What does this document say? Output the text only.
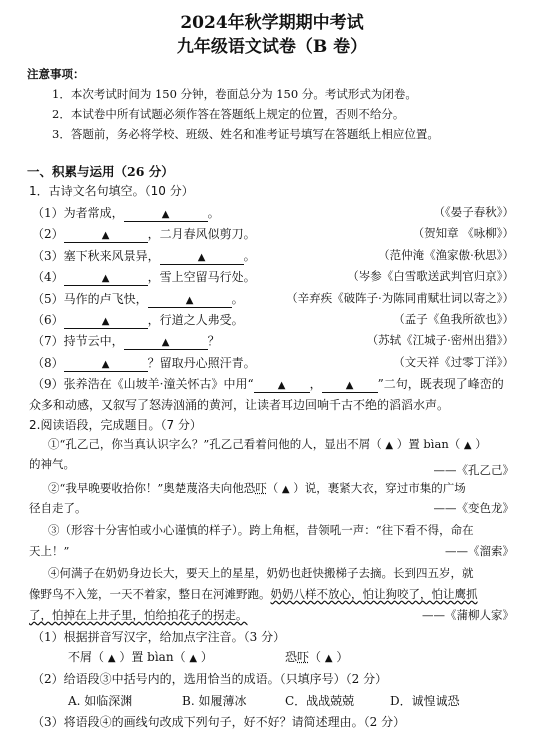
2024年秋学期期中考试
九年级语文试卷（B 卷）
注意事项：
1．本次考试时间为 150 分钟，卷面总分为 150 分。考试形式为闭卷。
2．本试卷中所有试题必须作答在答题纸上规定的位置，否则不给分。
3．答题前，务必将学校、班级、姓名和准考证号填写在答题纸上相应位置。
一、积累与运用（26 分）
1．古诗文名句填空。（10 分）
（1）为者常成，	▲	。	（《晏子春秋》）
（2）	▲	，二月春风似剪刀。	（贺知章 《咏柳》）
（3）塞下秋来风景异，	▲	。	（范仲淹《渔家傲·秋思》）
（4）	▲	，雪上空留马行处。	（岑参《白雪歌送武判官归京》）
（5）马作的卢飞快，	▲	。	（辛弃疾《破阵子·为陈同甫赋壮词以寄之》）
（6）	▲	，行道之人弗受。	（孟子《鱼我所欲也》）
（7）持节云中，	▲	？	（苏轼《江城子·密州出猎》）
（8）	▲	？留取丹心照汗青。	（文天祥《过零丁洋》）
（9）张养浩在《山坡羊·潼关怀古》中用“ ▲ ， ▲ ”二句，既表现了峰峦的
众多和动感，又叙写了怒涛汹涌的黄河，让读者耳边回响千古不绝的滔滔水声。
2.阅读语段，完成题目。（7 分）
①“孔乙己，你当真认识字么？”孔乙己看着问他的人，显出不屑（ ▲ ）置 bìan（ ▲ ）
的神气。	——《孔乙己》
②“我早晚要收拾你！”奥楚蔑洛夫向他恐吓（ ▲ ）说，裹紧大衣，穿过市集的广场
径自走了。	——《变色龙》
③（形容十分害怕或小心谨慎的样子）。跨上角框，昔领吼一声：“往下看不得，命在
天上！”	——《溜索》
④何满子在奶奶身边长大，要天上的星星，奶奶也赶快搬梯子去摘。长到四五岁，就
像野鸟不入笼，一天不着家，整日在河滩野跑。奶奶八样不放心，怕让狗咬了，怕让鹰抓
了，怕掉在上井子里，怕给拍花子的拐走。	——《蒲柳人家》
（1）根据拼音写汉字，给加点字注音。（3 分）
不屑（ ▲ ）置 bìan（ ▲ ）	恐吓（ ▲ ）
（2）给语段③中括号内的，选用恰当的成语。（只填序号）（2 分）
A. 如临深渊	B. 如履薄冰	C．战战兢兢	D．诚惶诚恐
（3）将语段④的画线句改成下列句子，好不好？请简述理由。（2 分）
